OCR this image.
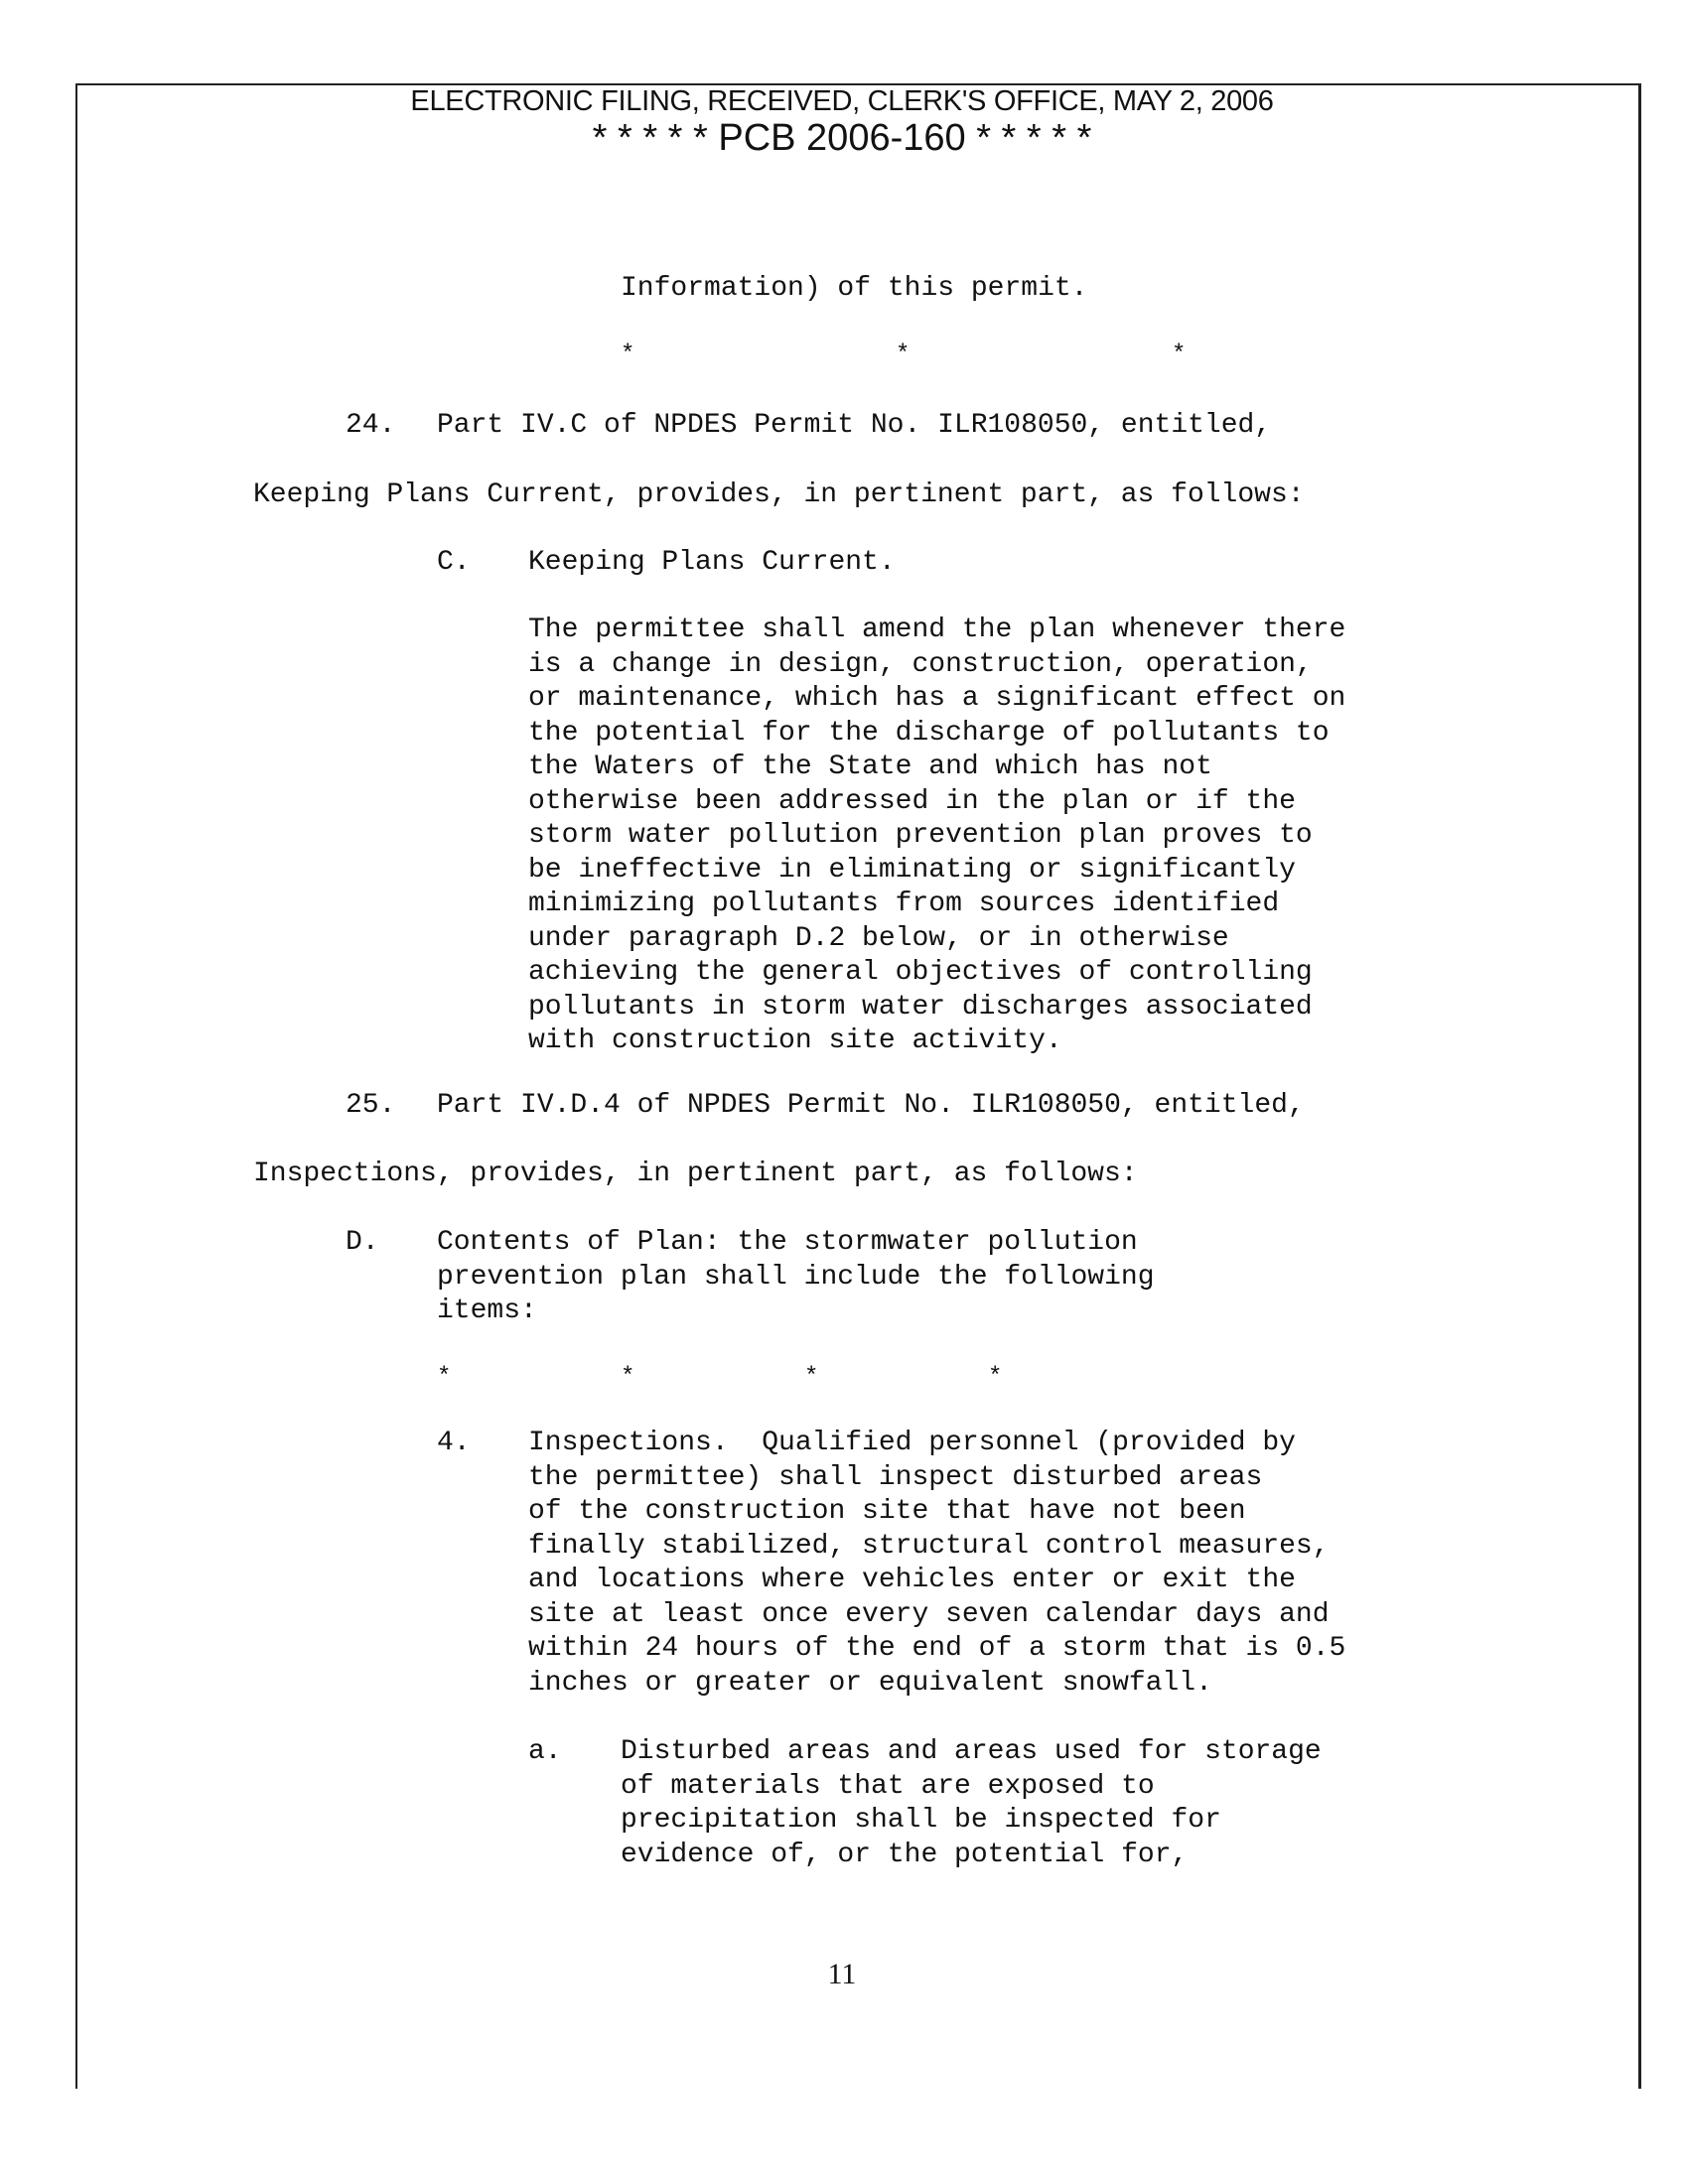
ELECTRONIC FILING, RECEIVED, CLERK'S OFFICE, MAY 2, 2006
* * * * * PCB 2006-160 * * * * *
Information) of this permit.
*	*	*
24. Part IV.C of NPDES Permit No. ILR108050, entitled,
Keeping Plans Current, provides, in pertinent part, as follows:
C. Keeping Plans Current.
The permittee shall amend the plan whenever there
is a change in design, construction, operation,
or maintenance, which has a significant effect on
the potential for the discharge of pollutants to
the Waters of the State and which has not
otherwise been addressed in the plan or if the
storm water pollution prevention plan proves to
be ineffective in eliminating or significantly
minimizing pollutants from sources identified
under paragraph D.2 below, or in otherwise
achieving the general objectives of controlling
pollutants in storm water discharges associated
with construction site activity.
25. Part IV.D.4 of NPDES Permit No. ILR108050, entitled,
Inspections, provides, in pertinent part, as follows:
D. Contents of Plan: the stormwater pollution
prevention plan shall include the following
items:
*	*	*	*
4. Inspections.  Qualified personnel (provided by
the permittee) shall inspect disturbed areas
of the construction site that have not been
finally stabilized, structural control measures,
and locations where vehicles enter or exit the
site at least once every seven calendar days and
within 24 hours of the end of a storm that is 0.5
inches or greater or equivalent snowfall.
a. Disturbed areas and areas used for storage
of materials that are exposed to
precipitation shall be inspected for
evidence of, or the potential for,
11
